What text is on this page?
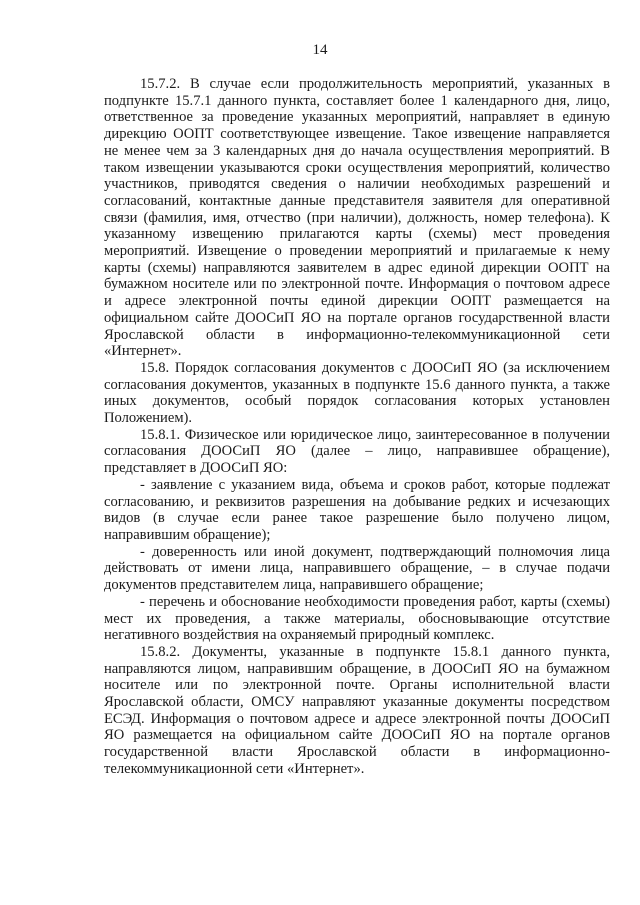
14

15.7.2. В случае если продолжительность мероприятий, указанных в подпункте 15.7.1 данного пункта, составляет более 1 календарного дня, лицо, ответственное за проведение указанных мероприятий, направляет в единую дирекцию ООПТ соответствующее извещение. Такое извещение направляется не менее чем за 3 календарных дня до начала осуществления мероприятий. В таком извещении указываются сроки осуществления мероприятий, количество участников, приводятся сведения о наличии необходимых разрешений и согласований, контактные данные представителя заявителя для оперативной связи (фамилия, имя, отчество (при наличии), должность, номер телефона). К указанному извещению прилагаются карты (схемы) мест проведения мероприятий. Извещение о проведении мероприятий и прилагаемые к нему карты (схемы) направляются заявителем в адрес единой дирекции ООПТ на бумажном носителе или по электронной почте. Информация о почтовом адресе и адресе электронной почты единой дирекции ООПТ размещается на официальном сайте ДООСиП ЯО на портале органов государственной власти Ярославской области в информационно-телекоммуникационной сети «Интернет».

15.8. Порядок согласования документов с ДООСиП ЯО (за исключением согласования документов, указанных в подпункте 15.6 данного пункта, а также иных документов, особый порядок согласования которых установлен Положением).

15.8.1. Физическое или юридическое лицо, заинтересованное в получении согласования ДООСиП ЯО (далее – лицо, направившее обращение), представляет в ДООСиП ЯО:

- заявление с указанием вида, объема и сроков работ, которые подлежат согласованию, и реквизитов разрешения на добывание редких и исчезающих видов (в случае если ранее такое разрешение было получено лицом, направившим обращение);

- доверенность или иной документ, подтверждающий полномочия лица действовать от имени лица, направившего обращение, – в случае подачи документов представителем лица, направившего обращение;

- перечень и обоснование необходимости проведения работ, карты (схемы) мест их проведения, а также материалы, обосновывающие отсутствие негативного воздействия на охраняемый природный комплекс.

15.8.2. Документы, указанные в подпункте 15.8.1 данного пункта, направляются лицом, направившим обращение, в ДООСиП ЯО на бумажном носителе или по электронной почте. Органы исполнительной власти Ярославской области, ОМСУ направляют указанные документы посредством ЕСЭД. Информация о почтовом адресе и адресе электронной почты ДООСиП ЯО размещается на официальном сайте ДООСиП ЯО на портале органов государственной власти Ярославской области в информационно-телекоммуникационной сети «Интернет».
